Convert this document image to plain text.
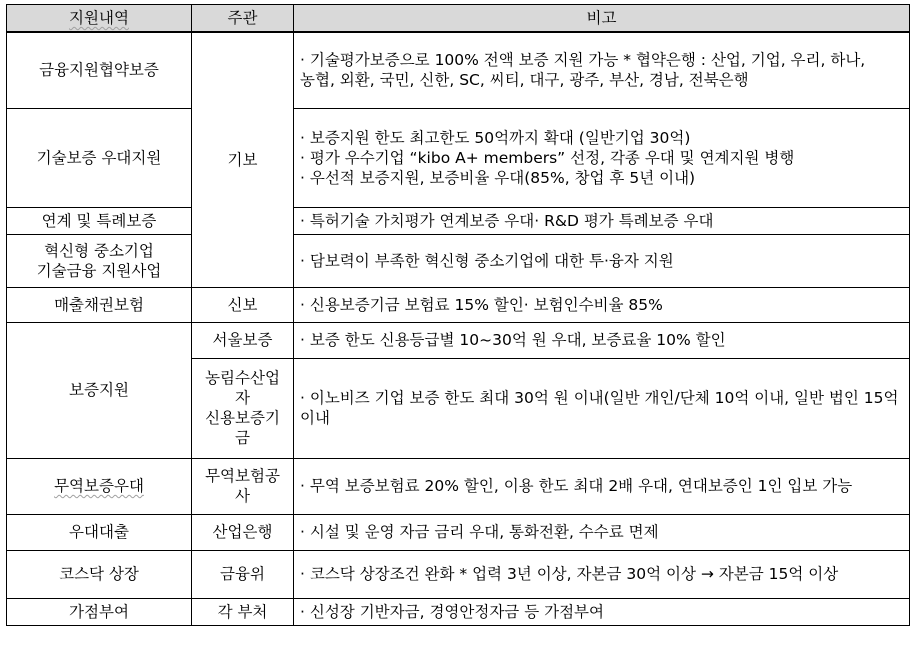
지원내역	주관	비고
금융지원협약보증	기보	· 기술평가보증으로 100% 전액 보증 지원 가능 * 협약은행 : 산업, 기업, 우리, 하나, 농협, 외환, 국민, 신한, SC, 씨티, 대구, 광주, 부산, 경남, 전북은행

기술보증 우대지원		· 보증지원 한도 최고한도 50억까지 확대 (일반기업 30억)
· 평가 우수기업 “kibo A+ members” 선정, 각종 우대 및 연계지원 병행
· 우선적 보증지원, 보증비율 우대(85%, 창업 후 5년 이내)

연계 및 특례보증		· 특허기술 가치평가 연계보증 우대· R&D 평가 특례보증 우대

혁신형 중소기업 기술금융 지원사업		· 담보력이 부족한 혁신형 중소기업에 대한 투·융자 지원

매출채권보험	신보	· 신용보증기금 보험료 15% 할인· 보험인수비율 85%

보증지원	서울보증	· 보증 한도 신용등급별 10~30억 원 우대, 보증료율 10% 할인

	농림수산업자 신용보증기금	· 이노비즈 기업 보증 한도 최대 30억 원 이내(일반 개인/단체 10억 이내, 일반 법인 15억 이내

무역보증우대	무역보험공사	· 무역 보증보험료 20% 할인, 이용 한도 최대 2배 우대, 연대보증인 1인 입보 가능

우대대출	산업은행	· 시설 및 운영 자금 금리 우대, 통화전환, 수수료 면제

코스닥 상장	금융위	· 코스닥 상장조건 완화 * 업력 3년 이상, 자본금 30억 이상 → 자본금 15억 이상

가점부여	각 부처	· 신성장 기반자금, 경영안정자금 등 가점부여
